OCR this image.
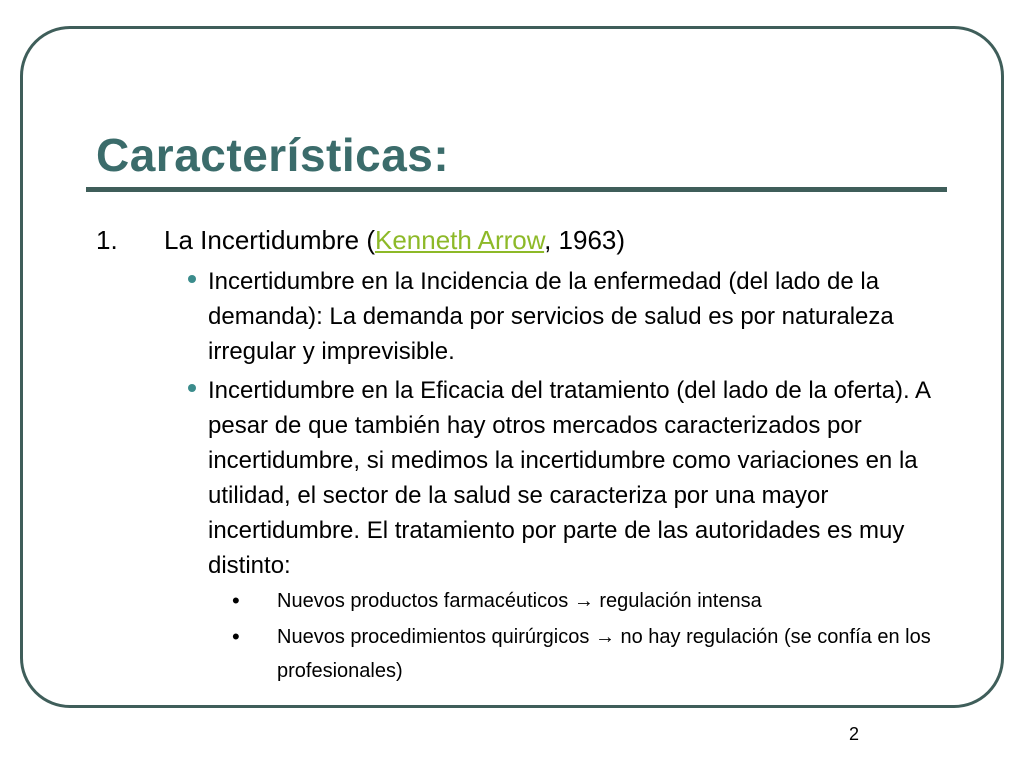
Características:
1. La Incertidumbre (Kenneth Arrow, 1963)
Incertidumbre en la Incidencia de la enfermedad (del lado de la demanda): La demanda por servicios de salud es por naturaleza irregular y imprevisible.
Incertidumbre en la Eficacia del tratamiento (del lado de la oferta). A pesar de que también hay otros mercados caracterizados por incertidumbre, si medimos la incertidumbre como variaciones en la utilidad, el sector de la salud se caracteriza por una mayor incertidumbre. El tratamiento por parte de las autoridades es muy distinto:
• Nuevos productos farmacéuticos → regulación intensa
• Nuevos procedimientos quirúrgicos → no hay regulación (se confía en los profesionales)
2
